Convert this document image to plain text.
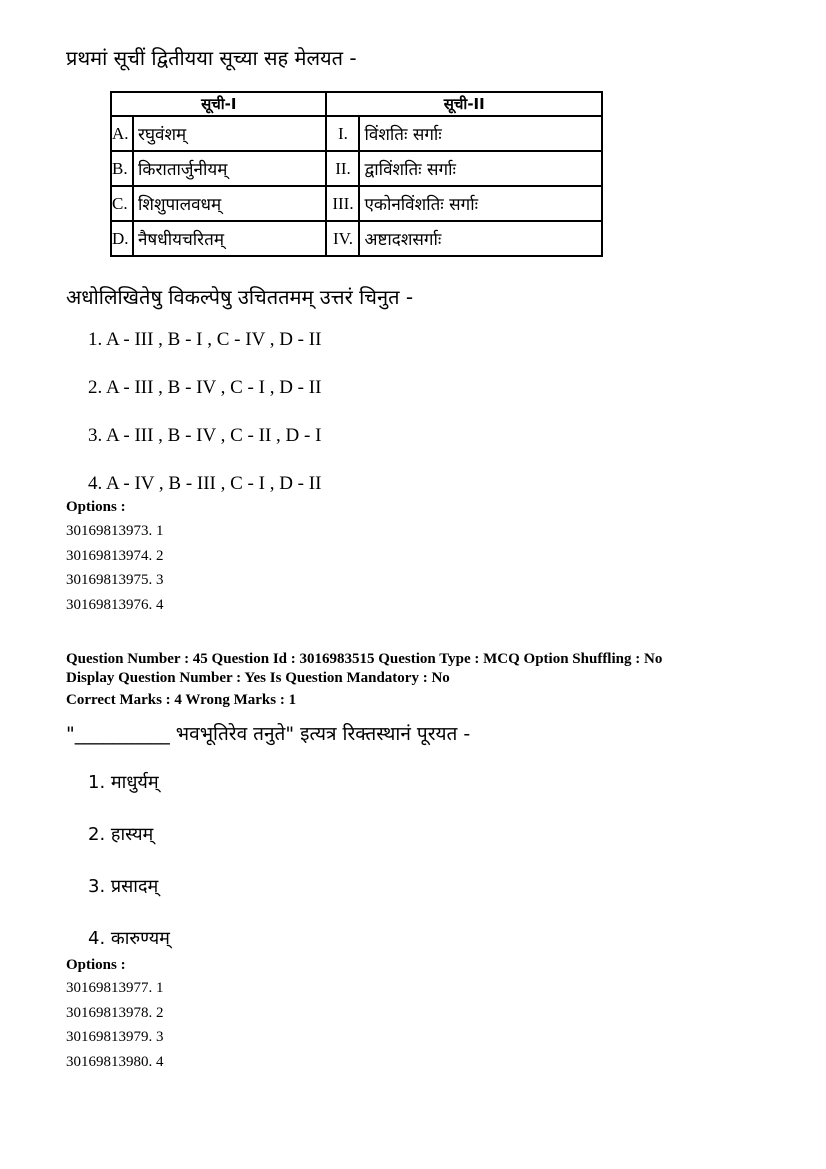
प्रथमां सूचीं द्वितीयया सूच्या सह मेलयत -
सूची-I		सूची-II	
A.	रघुवंशम्	I.	विंशतिः सर्गाः
B.	किरातार्जुनीयम्	II.	द्वाविंशतिः सर्गाः
C.	शिशुपालवधम्	III.	एकोनविंशतिः सर्गाः
D.	नैषधीयचरितम्	IV.	अष्टादशसर्गाः
अधोलिखितेषु विकल्पेषु उचिततमम् उत्तरं चिनुत -
1. A - III , B - I , C - IV , D - II
2. A - III , B - IV , C - I , D - II
3. A - III , B - IV , C - II , D - I
4. A - IV , B - III , C - I , D - II
Options :
30169813973. 1
30169813974. 2
30169813975. 3
30169813976. 4
Question Number : 45 Question Id : 3016983515 Question Type : MCQ Option Shuffling : No
Display Question Number : Yes Is Question Mandatory : No
Correct Marks : 4 Wrong Marks : 1
"__________ भवभूतिरेव तनुते" इत्यत्र रिक्तस्थानं पूरयत -
1. माधुर्यम्
2. हास्यम्
3. प्रसादम्
4. कारुण्यम्
Options :
30169813977. 1
30169813978. 2
30169813979. 3
30169813980. 4
